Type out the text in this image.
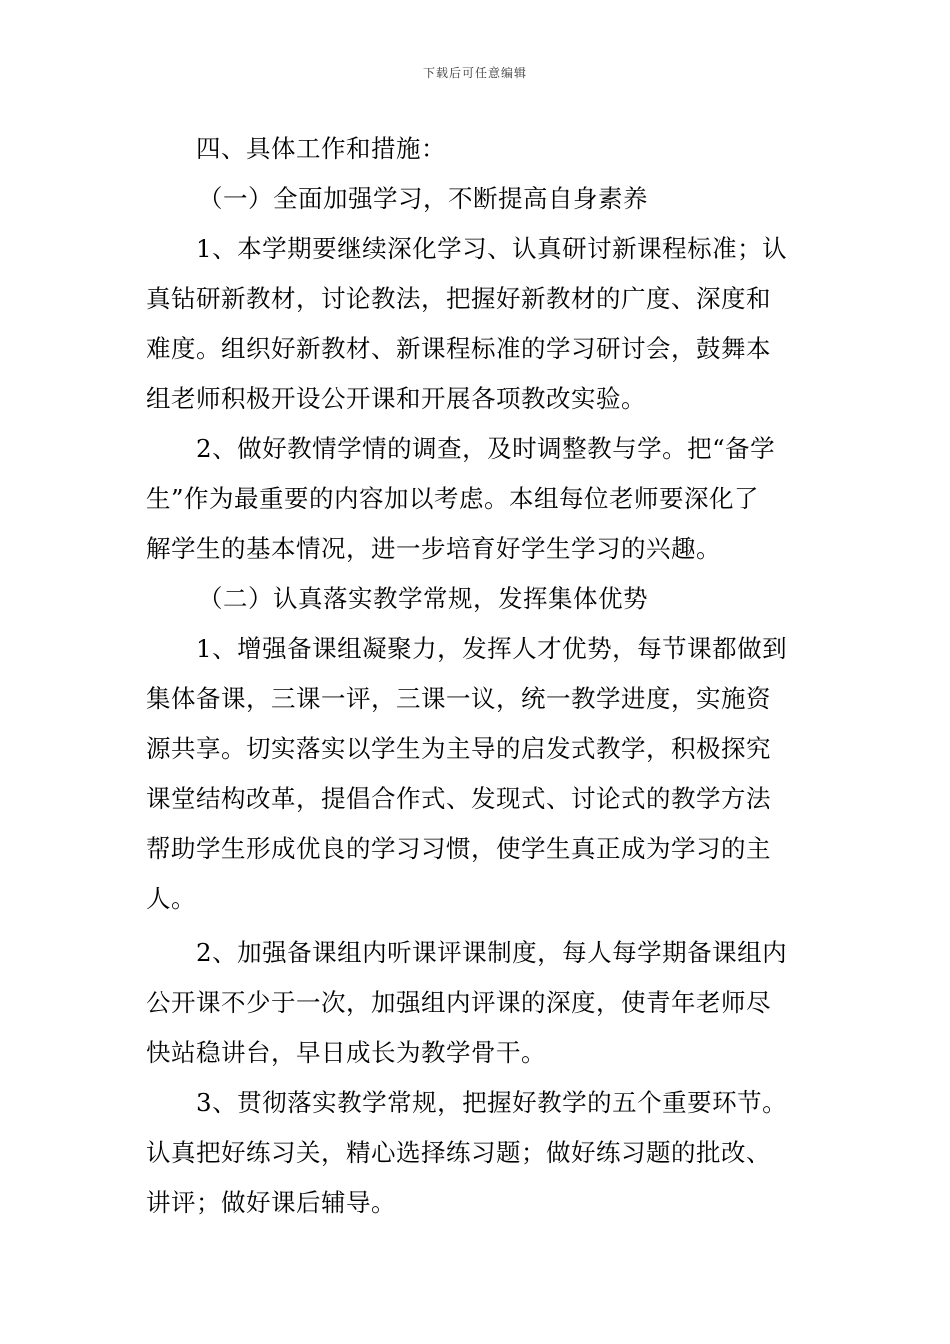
下载后可任意编辑
四、具体工作和措施：
（一）全面加强学习，不断提高自身素养
1、本学期要继续深化学习、认真研讨新课程标准；认
真钻研新教材，讨论教法，把握好新教材的广度、深度和
难度。组织好新教材、新课程标准的学习研讨会，鼓舞本
组老师积极开设公开课和开展各项教改实验。
2、做好教情学情的调查，及时调整教与学。把“备学
生”作为最重要的内容加以考虑。本组每位老师要深化了
解学生的基本情况，进一步培育好学生学习的兴趣。
（二）认真落实教学常规，发挥集体优势
1、增强备课组凝聚力，发挥人才优势，每节课都做到
集体备课，三课一评，三课一议，统一教学进度，实施资
源共享。切实落实以学生为主导的启发式教学，积极探究
课堂结构改革，提倡合作式、发现式、讨论式的教学方法
帮助学生形成优良的学习习惯，使学生真正成为学习的主
人。
2、加强备课组内听课评课制度，每人每学期备课组内
公开课不少于一次，加强组内评课的深度，使青年老师尽
快站稳讲台，早日成长为教学骨干。
3、贯彻落实教学常规，把握好教学的五个重要环节。
认真把好练习关，精心选择练习题；做好练习题的批改、
讲评；做好课后辅导。
